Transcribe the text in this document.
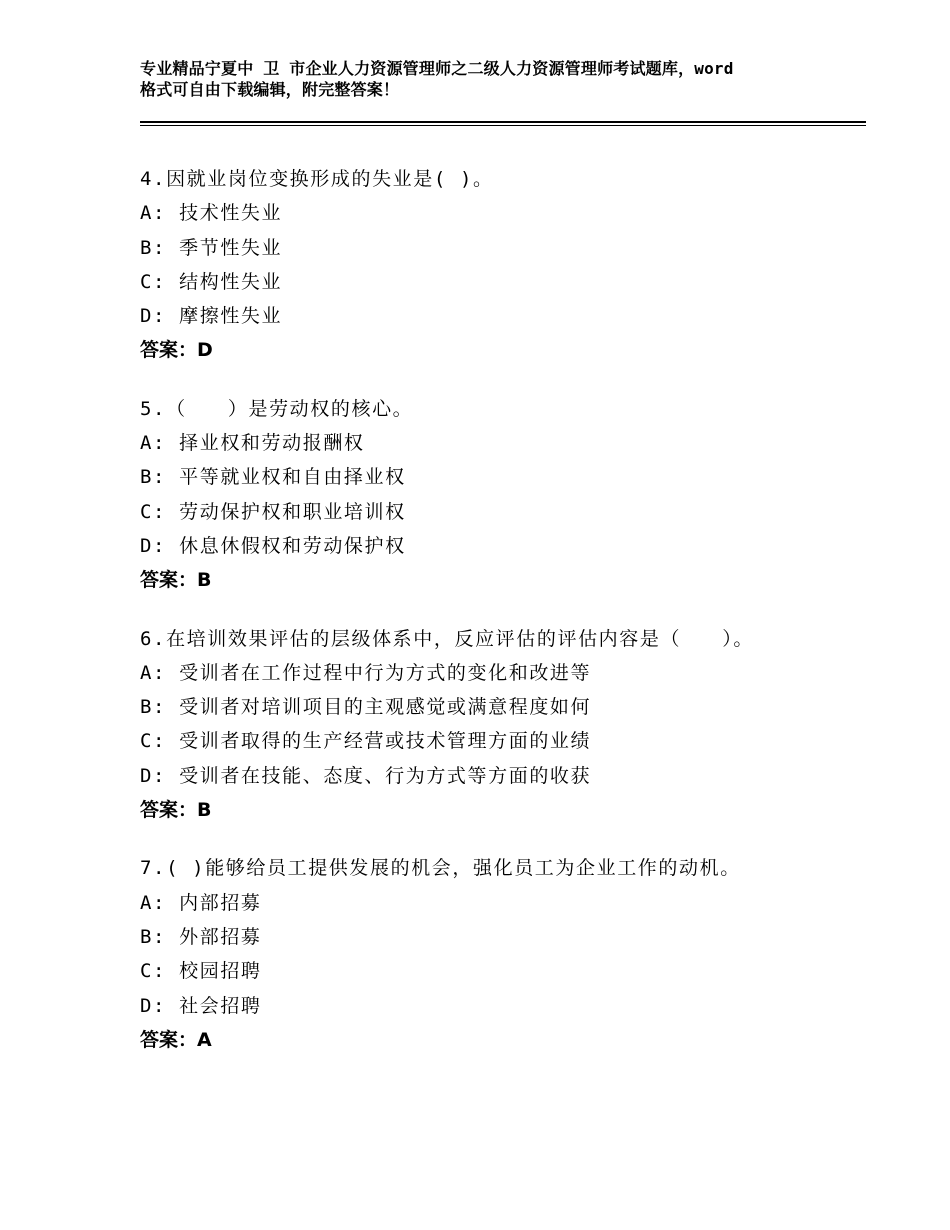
专业精品宁夏中 卫 市企业人力资源管理师之二级人力资源管理师考试题库，word
格式可自由下载编辑，附完整答案！
4.因就业岗位变换形成的失业是( )。
A: 技术性失业
B: 季节性失业
C: 结构性失业
D: 摩擦性失业
答案：D
5.（　　）是劳动权的核心。
A: 择业权和劳动报酬权
B: 平等就业权和自由择业权
C: 劳动保护权和职业培训权
D: 休息休假权和劳动保护权
答案：B
6.在培训效果评估的层级体系中，反应评估的评估内容是（　　）。
A: 受训者在工作过程中行为方式的变化和改进等
B: 受训者对培训项目的主观感觉或满意程度如何
C: 受训者取得的生产经营或技术管理方面的业绩
D: 受训者在技能、态度、行为方式等方面的收获
答案：B
7.( )能够给员工提供发展的机会，强化员工为企业工作的动机。
A: 内部招募
B: 外部招募
C: 校园招聘
D: 社会招聘
答案：A
